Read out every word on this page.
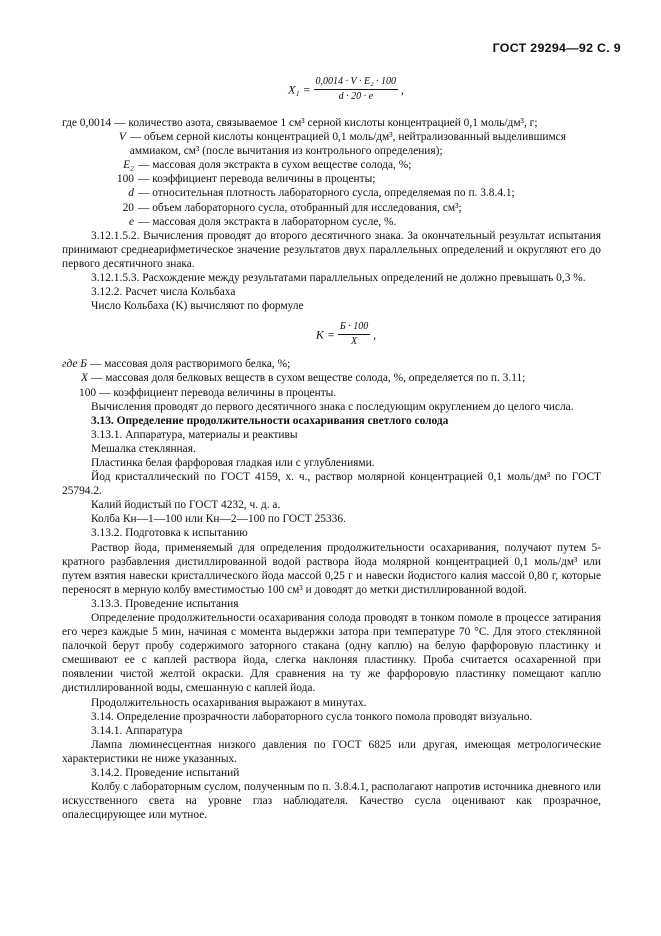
ГОСТ 29294—92 С. 9
$X_1 = \frac{\text{0,0014 · V · E₂ · 100}}{d \cdot 20 \cdot e}$ ,
где 0,0014 — количество азота, связываемое 1 см³ серной кислоты концентрацией 0,1 моль/дм³, г;
V — объем серной кислоты концентрацией 0,1 моль/дм³, нейтрализованный выделившимся аммиаком, см³ (после вычитания из контрольного определения);
E₂ — массовая доля экстракта в сухом веществе солода, %;
100 — коэффициент перевода величины в проценты;
d — относительная плотность лабораторного сусла, определяемая по п. 3.8.4.1;
20 — объем лабораторного сусла, отобранный для исследования, см³;
e — массовая доля экстракта в лабораторном сусле, %.

3.12.1.5.2. Вычисления проводят до второго десятичного знака. За окончательный результат испытания принимают среднеарифметическое значение результатов двух параллельных определений и округляют его до первого десятичного знака.

3.12.1.5.3. Расхождение между результатами параллельных определений не должно превышать 0,3 %.

3.12.2. Расчет числа Кольбаха

Число Кольбаха (K) вычисляют по формуле

$K = \frac{Б \cdot 100}{X}$ ,
где Б — массовая доля растворимого белка, %;
X — массовая доля белковых веществ в сухом веществе солода, %, определяется по п. 3.11;
100 — коэффициент перевода величины в проценты.

Вычисления проводят до первого десятичного знака с последующим округлением до целого числа.

3.13. Определение продолжительности осахаривания светлого солода

3.13.1. Аппаратура, материалы и реактивы

Мешалка стеклянная.

Пластинка белая фарфоровая гладкая или с углублениями.

Йод кристаллический по ГОСТ 4159, х. ч., раствор молярной концентрацией 0,1 моль/дм³ по ГОСТ 25794.2.

Калий йодистый по ГОСТ 4232, ч. д. а.

Колба Кн—1—100 или Кн—2—100 по ГОСТ 25336.

3.13.2. Подготовка к испытанию

Раствор йода, применяемый для определения продолжительности осахаривания, получают путем 5-кратного разбавления дистиллированной водой раствора йода молярной концентрацией 0,1 моль/дм³ или путем взятия навески кристаллического йода массой 0,25 г и навески йодистого калия массой 0,80 г, которые переносят в мерную колбу вместимостью 100 см³ и доводят до метки дистиллированной водой.

3.13.3. Проведение испытания

Определение продолжительности осахаривания солода проводят в тонком помоле в процессе затирания его через каждые 5 мин, начиная с момента выдержки затора при температуре 70 °С. Для этого стеклянной палочкой берут пробу содержимого заторного стакана (одну каплю) на белую фарфоровую пластинку и смешивают ее с каплей раствора йода, слегка наклоняя пластинку. Проба считается осахаренной при появлении чистой желтой окраски. Для сравнения на ту же фарфоровую пластинку помещают каплю дистиллированной воды, смешанную с каплей йода.

Продолжительность осахаривания выражают в минутах.

3.14. Определение прозрачности лабораторного сусла тонкого помола проводят визуально.

3.14.1. Аппаратура

Лампа люминесцентная низкого давления по ГОСТ 6825 или другая, имеющая метрологические характеристики не ниже указанных.

3.14.2. Проведение испытаний

Колбу с лабораторным суслом, полученным по п. 3.8.4.1, располагают напротив источника дневного или искусственного света на уровне глаз наблюдателя. Качество сусла оценивают как прозрачное, опалесцирующее или мутное.
